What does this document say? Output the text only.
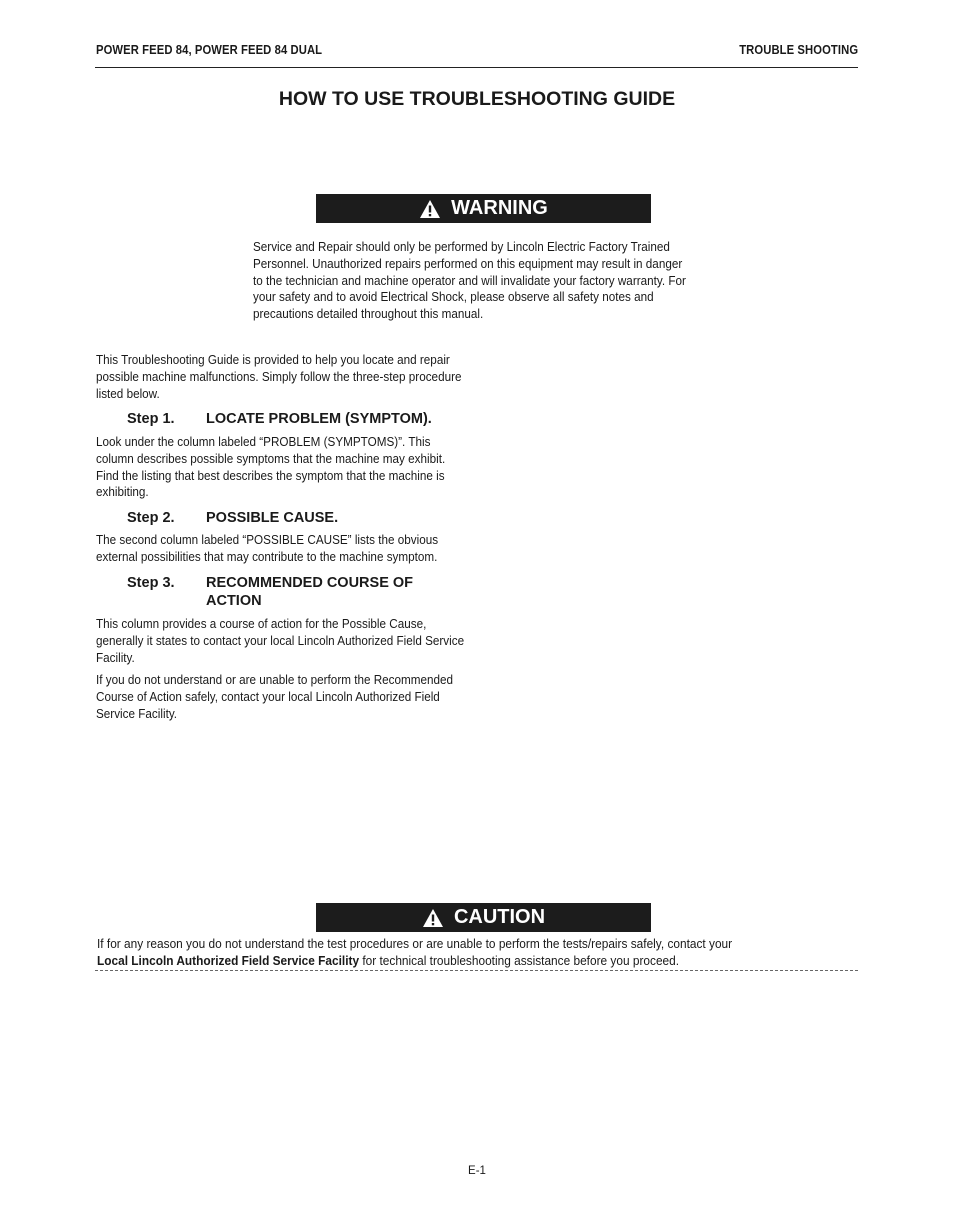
POWER FEED 84, POWER FEED 84 DUAL	TROUBLE SHOOTING
HOW TO USE TROUBLESHOOTING GUIDE
WARNING
Service and Repair should only be performed by Lincoln Electric Factory Trained Personnel. Unauthorized repairs performed on this equipment may result in danger to the technician and machine operator and will invalidate your factory warranty. For your safety and to avoid Electrical Shock, please observe all safety notes and precautions detailed throughout this manual.
This Troubleshooting Guide is provided to help you locate and repair possible machine malfunctions. Simply follow the three-step procedure listed below.
Step 1. LOCATE PROBLEM (SYMPTOM).
Look under the column labeled “PROBLEM (SYMPTOMS)”. This column describes possible symptoms that the machine may exhibit. Find the listing that best describes the symptom that the machine is exhibiting.
Step 2. POSSIBLE CAUSE.
The second column labeled “POSSIBLE CAUSE” lists the obvious external possibilities that may contribute to the machine symptom.
Step 3. RECOMMENDED COURSE OF ACTION
This column provides a course of action for the Possible Cause, generally it states to contact your local Lincoln Authorized Field Service Facility.
If you do not understand or are unable to perform the Recommended Course of Action safely, contact your local Lincoln Authorized Field Service Facility.
CAUTION
If for any reason you do not understand the test procedures or are unable to perform the tests/repairs safely, contact your
Local Lincoln Authorized Field Service Facility for technical troubleshooting assistance before you proceed.
E-1
